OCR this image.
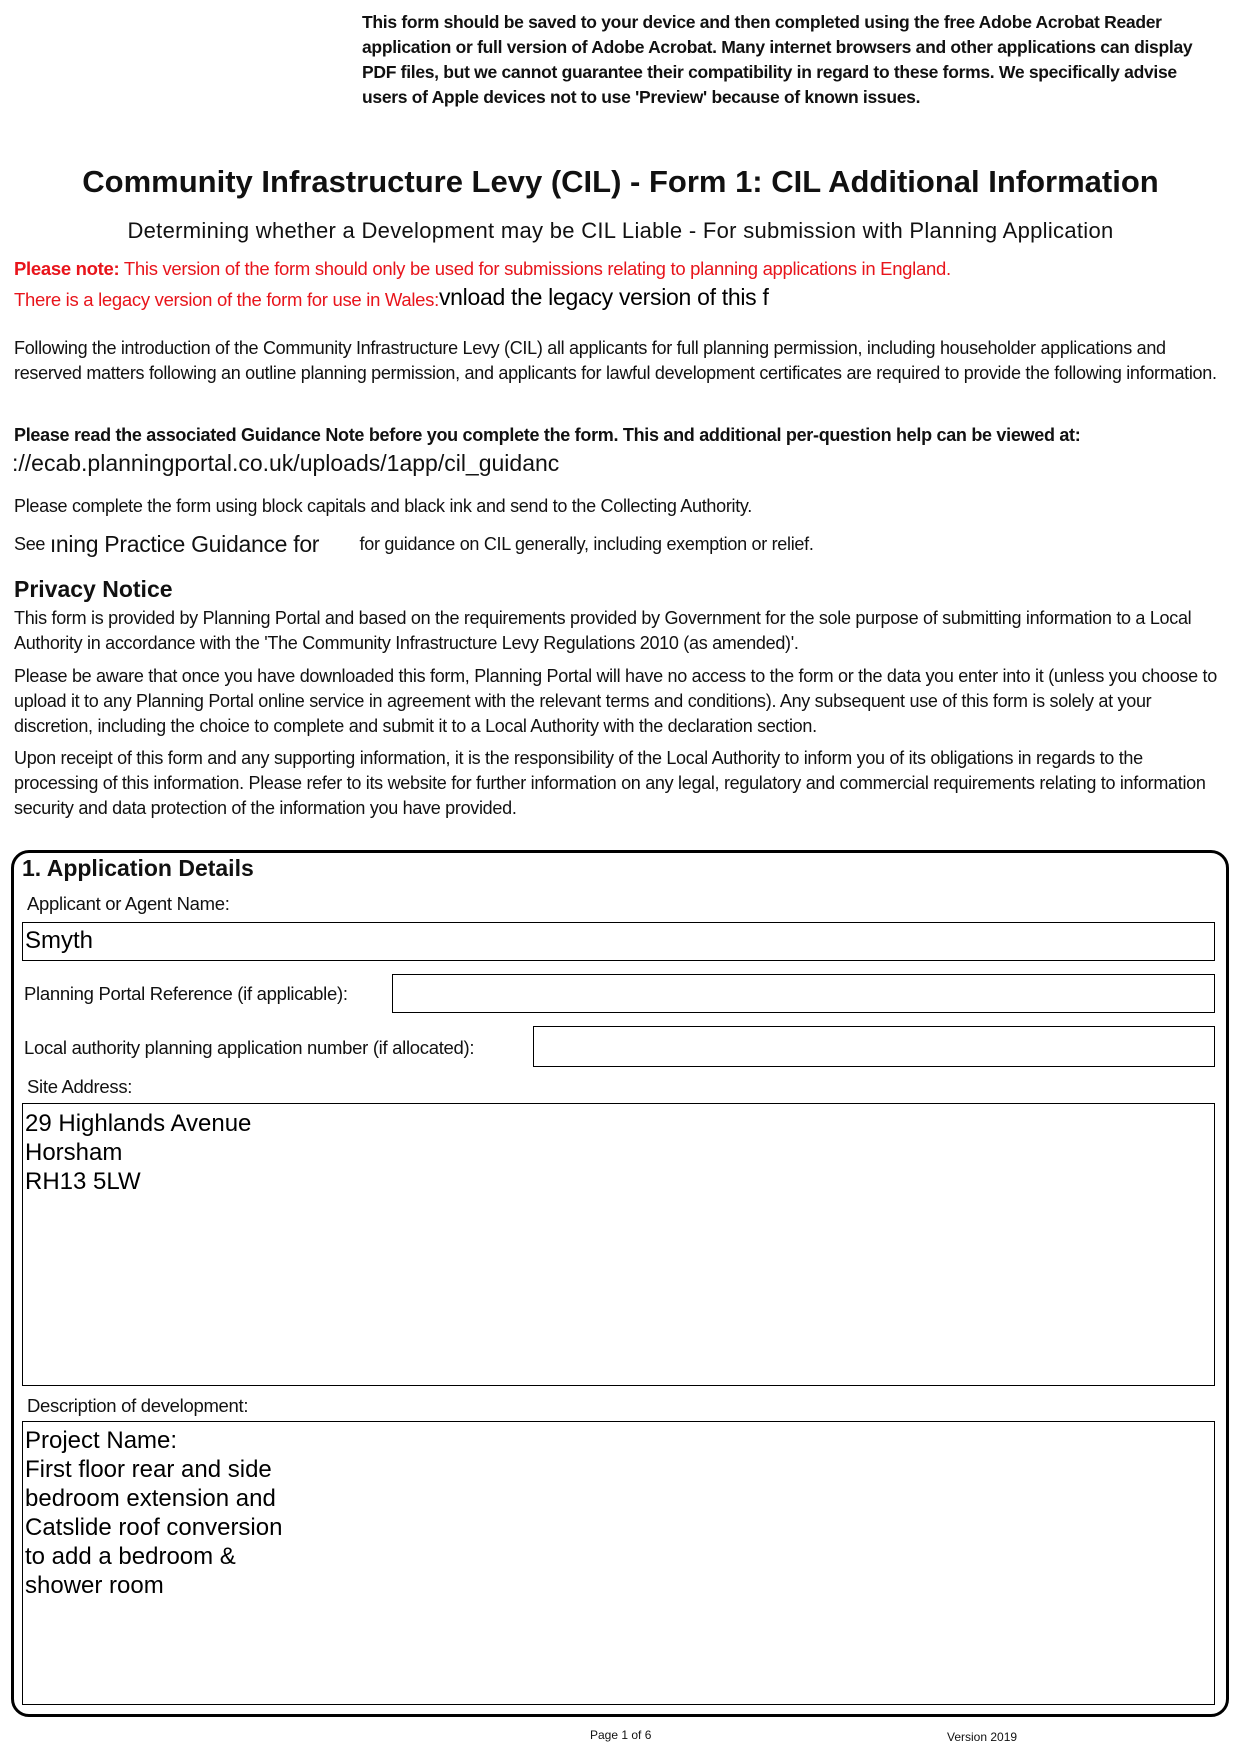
This form should be saved to your device and then completed using the free Adobe Acrobat Reader application or full version of Adobe Acrobat. Many internet browsers and other applications can display PDF files, but we cannot guarantee their compatibility in regard to these forms. We specifically advise users of Apple devices not to use 'Preview' because of known issues.
Community Infrastructure Levy (CIL) - Form 1: CIL Additional Information
Determining whether a Development may be CIL Liable - For submission with Planning Application
Please note: This version of the form should only be used for submissions relating to planning applications in England.
There is a legacy version of the form for use in Wales:vnload the legacy version of this f
Following the introduction of the Community Infrastructure Levy (CIL) all applicants for full planning permission, including householder applications and reserved matters following an outline planning permission, and applicants for lawful development certificates are required to provide the following information.
Please read the associated Guidance Note before you complete the form. This and additional per-question help can be viewed at:
://ecab.planningportal.co.uk/uploads/1app/cil_guidanc
Please complete the form using block capitals and black ink and send to the Collecting Authority.
See ıning Practice Guidance for for guidance on CIL generally, including exemption or relief.
Privacy Notice
This form is provided by Planning Portal and based on the requirements provided by Government for the sole purpose of submitting information to a Local Authority in accordance with the 'The Community Infrastructure Levy Regulations 2010 (as amended)'.
Please be aware that once you have downloaded this form, Planning Portal will have no access to the form or the data you enter into it (unless you choose to upload it to any Planning Portal online service in agreement with the relevant terms and conditions). Any subsequent use of this form is solely at your discretion, including the choice to complete and submit it to a Local Authority with the declaration section.
Upon receipt of this form and any supporting information, it is the responsibility of the Local Authority to inform you of its obligations in regards to the processing of this information. Please refer to its website for further information on any legal, regulatory and commercial requirements relating to information security and data protection of the information you have provided.
1. Application Details
Applicant or Agent Name:
Smyth
Planning Portal Reference (if applicable):
Local authority planning application number (if allocated):
Site Address:
29 Highlands Avenue
Horsham
RH13 5LW
Description of development:
Project Name:
First floor rear and side
bedroom extension and
Catslide roof conversion
to add a bedroom &
shower room
Page 1 of 6	Version 2019
